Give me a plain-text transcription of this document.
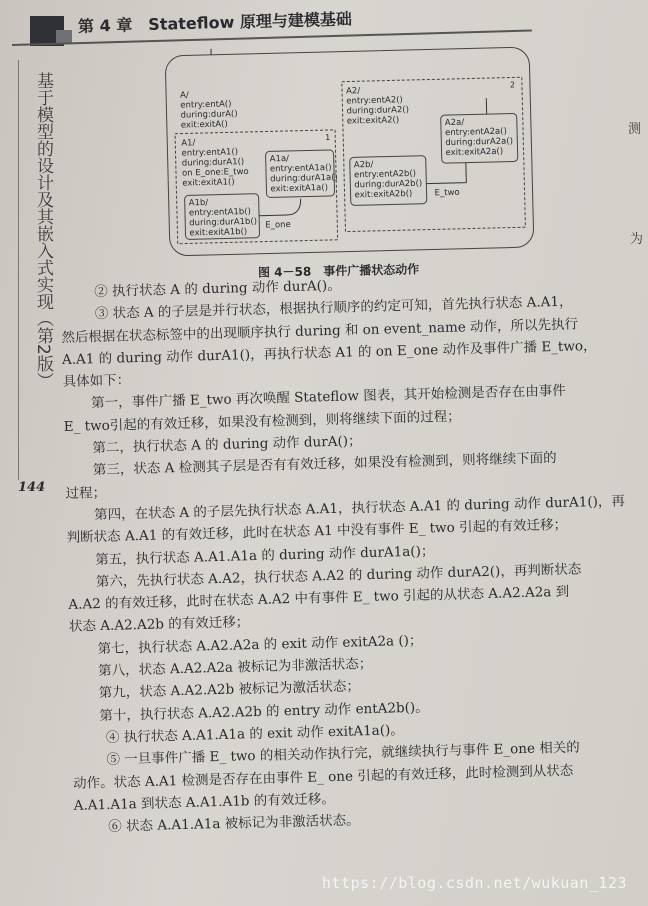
第 4 章　Stateflow 原理与建模基础
基于模型的设计及其嵌入式实现（第2版）
144
测
为
A/
entry:entA()
during:durA()
exit:exitA()
1
A1/
entry:entA1()
during:durA1()
on E_one:E_two
exit:exitA1()
A1a/
entry:entA1a()
during:durA1a()
exit:exitA1a()
A1b/
entry:entA1b()
during:durA1b()
exit:exitA1b()
E_one
2
A2/
entry:entA2()
during:durA2()
exit:exitA2()	A2a/
entry:entA2a()
during:durA2a()
exit:exitA2a()
A2b/
entry:entA2b()
during:durA2b()
exit:exitA2b()	E_two
图 4－58　事件广播状态动作
② 执行状态 A 的 during 动作 durA()。
③ 状态 A 的子层是并行状态，根据执行顺序的约定可知，首先执行状态 A.A1，
然后根据在状态标签中的出现顺序执行 during 和 on event_name 动作，所以先执行
A.A1 的 during 动作 durA1()，再执行状态 A1 的 on E_one 动作及事件广播 E_two，
具体如下：
第一，事件广播 E_two 再次唤醒 Stateflow 图表，其开始检测是否存在由事件
E_ two引起的有效迁移，如果没有检测到，则将继续下面的过程；
第二，执行状态 A 的 during 动作 durA()；
第三，状态 A 检测其子层是否有有效迁移，如果没有检测到，则将继续下面的
过程；
第四，在状态 A 的子层先执行状态 A.A1，执行状态 A.A1 的 during 动作 durA1()，再
判断状态 A.A1 的有效迁移，此时在状态 A1 中没有事件 E_ two 引起的有效迁移；
第五，执行状态 A.A1.A1a 的 during 动作 durA1a()；
第六，先执行状态 A.A2，执行状态 A.A2 的 during 动作 durA2()，再判断状态
A.A2 的有效迁移，此时在状态 A.A2 中有事件 E_ two 引起的从状态 A.A2.A2a 到
状态 A.A2.A2b 的有效迁移；
第七，执行状态 A.A2.A2a 的 exit 动作 exitA2a ()；
第八，状态 A.A2.A2a 被标记为非激活状态；
第九，状态 A.A2.A2b 被标记为激活状态；
第十，执行状态 A.A2.A2b 的 entry 动作 entA2b()。
④ 执行状态 A.A1.A1a 的 exit 动作 exitA1a()。
⑤ 一旦事件广播 E_ two 的相关动作执行完，就继续执行与事件 E_one 相关的
动作。状态 A.A1 检测是否存在由事件 E_ one 引起的有效迁移，此时检测到从状态
A.A1.A1a 到状态 A.A1.A1b 的有效迁移。
⑥ 状态 A.A1.A1a 被标记为非激活状态。
https://blog.csdn.net/wukuan_123
